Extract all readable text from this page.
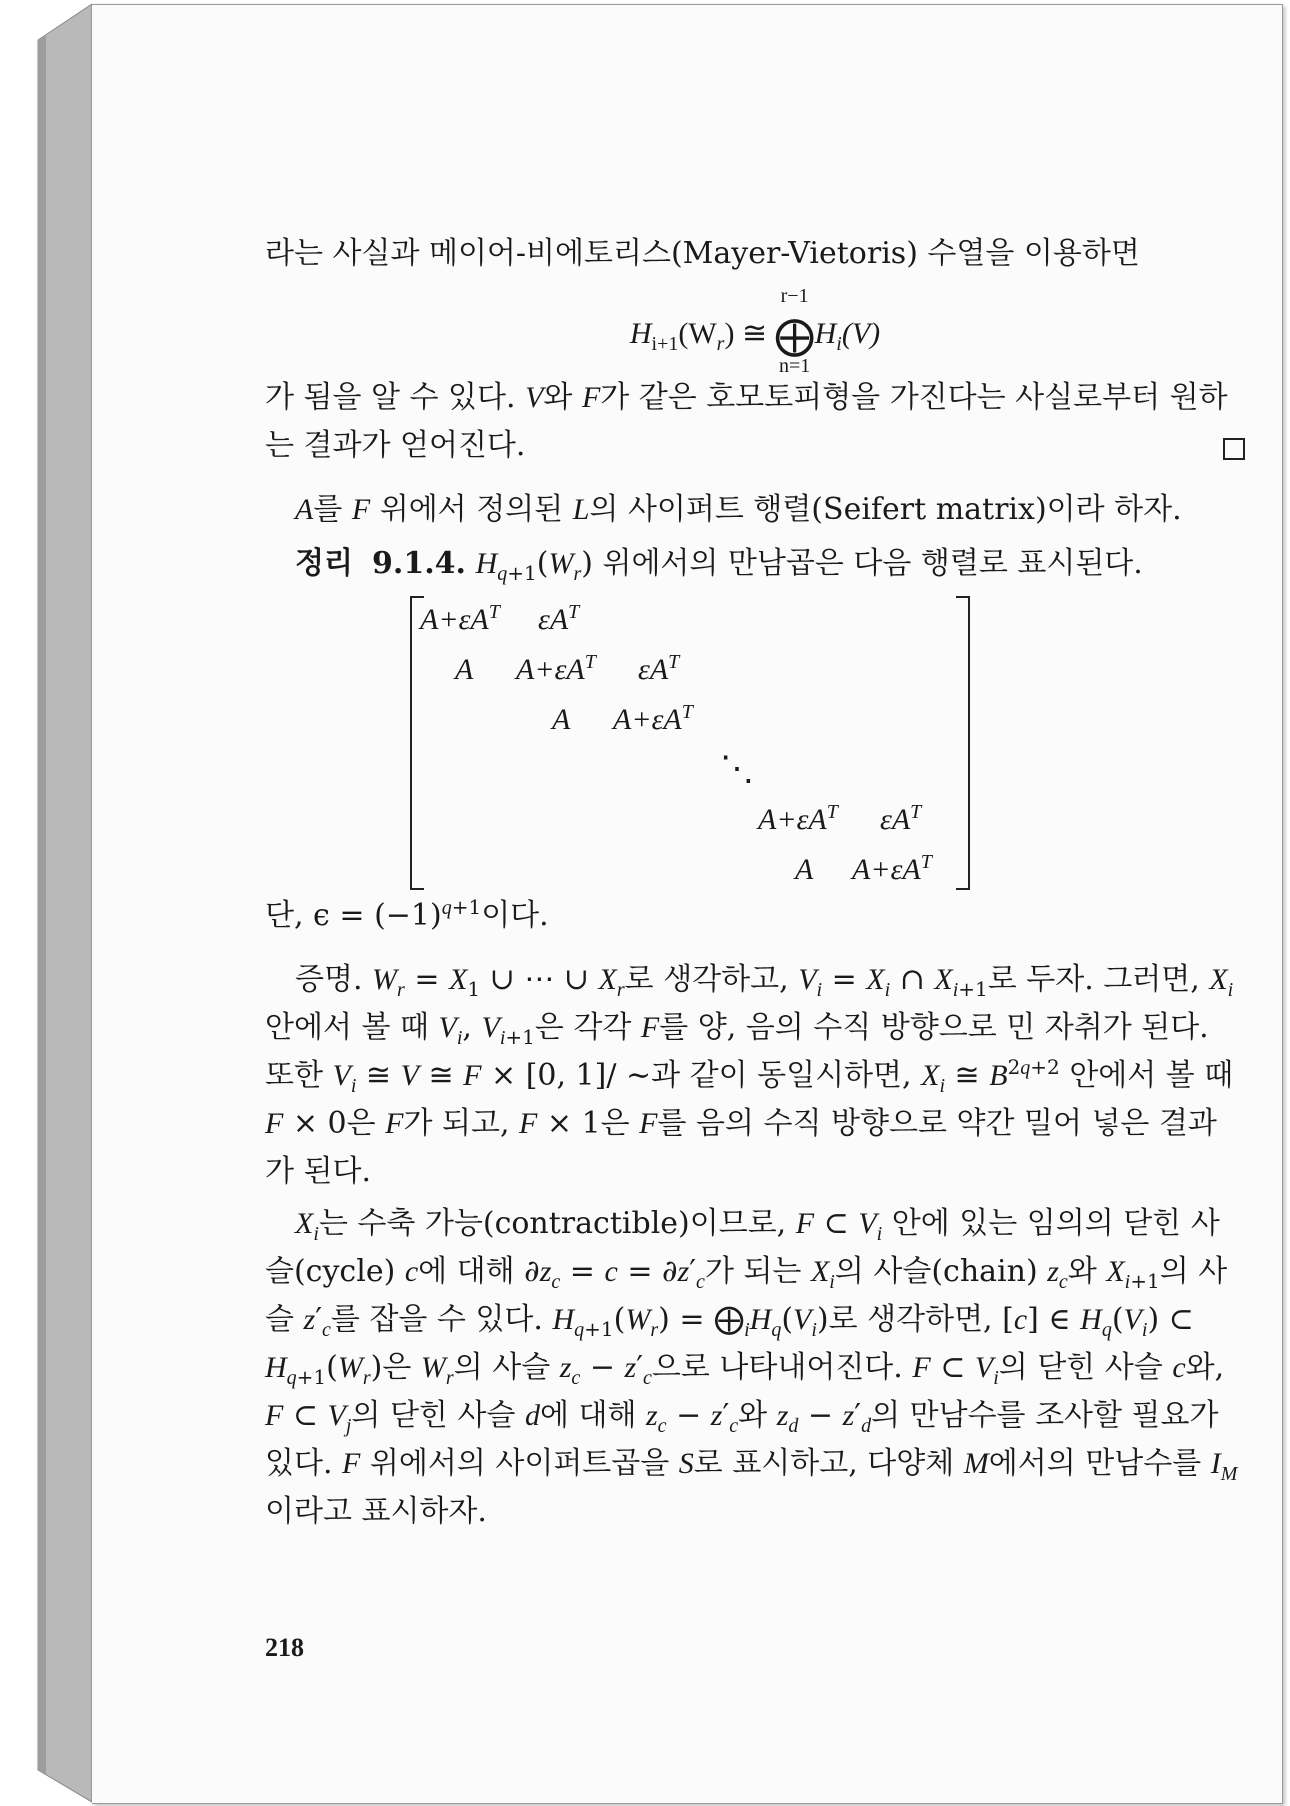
라는 사실과 메이어-비에토리스(Mayer-Vietoris) 수열을 이용하면

$H_{i+1}(W_r)$ ≅
r−1
⨁
n=1
$H_i(V)$

가 됨을 알 수 있다. V와 F가 같은 호모토피형을 가진다는 사실로부터 원하는 결과가 얻어진다.

A를 F 위에서 정의된 L의 사이퍼트 행렬(Seifert matrix)이라 하자.

정리 9.1.4. $H_{q+1}(W_r)$ 위에서의 만남곱은 다음 행렬로 표시된다.

$A+\varepsilon A^T$ $\varepsilon A^T$
A $A+\varepsilon A^T$ $\varepsilon A^T$
A $A+\varepsilon A^T$
⋱
$A+\varepsilon A^T$ $\varepsilon A^T$
A $A+\varepsilon A^T$

단, $\epsilon = (-1)^{q+1}$이다.

증명. $W_r = X_1$ ∪ ⋯ ∪ $X_r$로 생각하고, $V_i = X_i$ ∩ $X_{i+1}$로 두자. 그러면, $X_i$ 안에서 볼 때 $V_i$, $V_{i+1}$은 각각 F를 양, 음의 수직 방향으로 민 자취가 된다. 또한 $V_i$ ≅ V ≅ F × [0, 1]/ ∼과 같이 동일시하면, $X_i$ ≅ $B^{2q+2}$ 안에서 볼 때 F × 0은 F가 되고, F × 1은 F를 음의 수직 방향으로 약간 밀어 넣은 결과가 된다.

$X_i$는 수축 가능(contractible)이므로, F ⊂ $V_i$ 안에 있는 임의의 닫힌 사슬(cycle) c에 대해 $\partial z_c = c = \partial z'_c$가 되는 $X_i$의 사슬(chain) $z_c$와 $X_{i+1}$의 사슬 $z'_c$를 잡을 수 있다. $H_{q+1}(W_r)$ = $⨁_iH_q(V_i)$로 생각하면, [c] ∈ $H_q(V_i)$ ⊂ $H_{q+1}(W_r)$은 $W_r$의 사슬 $z_c - z'_c$으로 나타내어진다. F ⊂ $V_i$의 닫힌 사슬 c와, F ⊂ $V_j$의 닫힌 사슬 d에 대해 $z_c - z'_c$와 $z_d - z'_d$의 만남수를 조사할 필요가 있다. F 위에서의 사이퍼트곱을 S로 표시하고, 다양체 M에서의 만남수를 $I_M$이라고 표시하자.

218
